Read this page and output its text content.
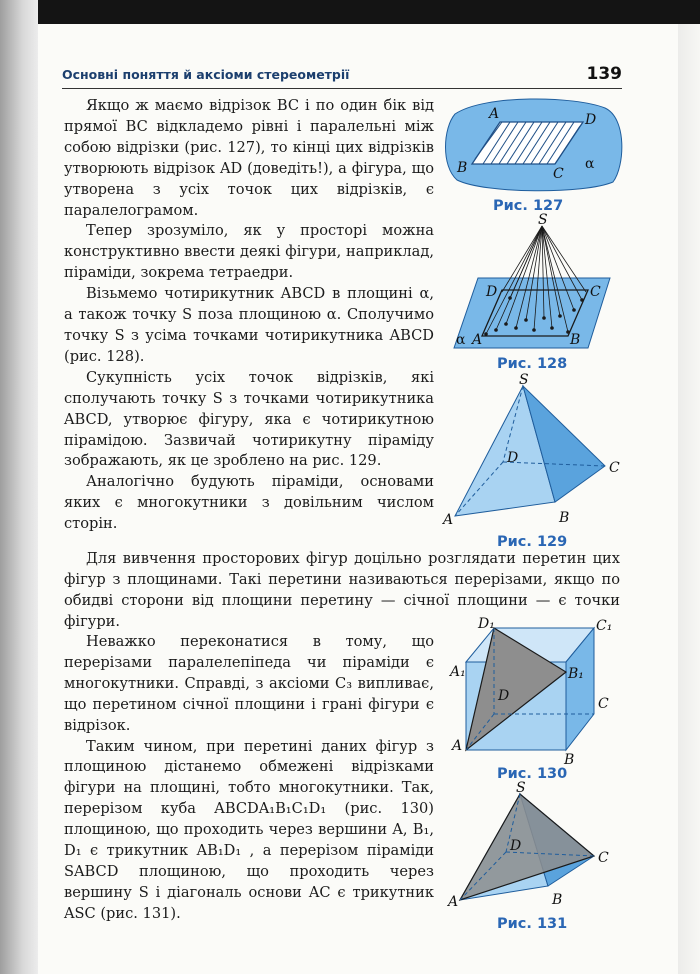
Основні поняття й аксіоми стереометрії	139

Якщо ж маємо відрізок BC і по один бік від прямої BC відкладемо рівні і паралельні між собою відрізки (рис. 127), то кінці цих відрізків утворюють відрізок AD (доведіть!), а фігура, що утворена з усіх точок цих відрізків, є паралелограмом.

Тепер зрозуміло, як у просторі можна конструктивно ввести деякі фігури, наприклад, піраміди, зокрема тетраедри.

Візьмемо чотирикутник ABCD в площині α, а також точку S поза площиною α. Сполучимо точку S з усіма точками чотирикутника ABCD (рис. 128).

Сукупність усіх точок відрізків, які сполучають точку S з точками чотирикутника ABCD, утворює фігуру, яка є чотирикутною пірамідою. Зазвичай чотирикутну піраміду зображають, як це зроблено на рис. 129.

Аналогічно будують піраміди, основами яких є многокутники з довільним числом сторін.

Для вивчення просторових фігур доцільно розглядати перетин цих фігур з площинами. Такі перетини називаються перерізами, якщо по обидві сторони від площини перетину — січної площини — є точки фігури.

Неважко переконатися в тому, що перерізами паралелепіпеда чи піраміди є многокутники. Справді, з аксіоми C₃ випливає, що перетином січної площини і грані фігури є відрізок.

Таким чином, при перетині даних фігур з площиною дістанемо обмежені відрізками фігури на площині, тобто многокутники. Так, перерізом куба ABCDA₁B₁C₁D₁ (рис. 130) площиною, що проходить через вершини A, B₁, D₁ є трикутник AB₁D₁ , а перерізом піраміди SABCD площиною, що проходить через вершину S і діагональ основи AC є трикутник ASC (рис. 131).

A	D
B	C
α
Рис. 127
S
D	C
A	B
α
Рис. 128
S
D
C
A	B
Рис. 129
D₁	C₁
A₁	B₁
D	C
A
B
Рис. 130
S
D
C
A	B
Рис. 131
